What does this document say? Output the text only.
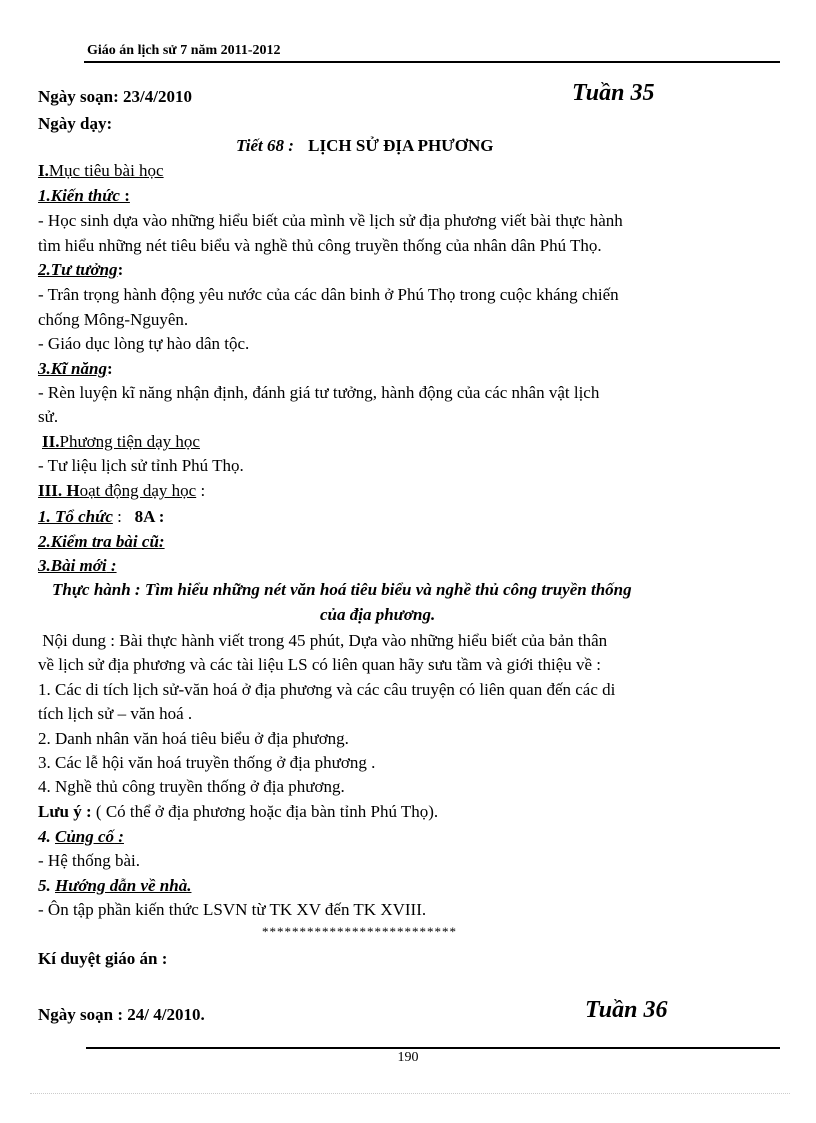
Giáo án lịch sử 7 năm 2011-2012
Ngày soạn: 23/4/2010	Tuần 35
Ngày dạy:
Tiết 68 : LỊCH SỬ ĐỊA PHƯƠNG
I.Mục tiêu bài học
1.Kiến thức :
- Học sinh dựa vào những hiểu biết của mình về lịch sử địa phương viết bài thực hành
tìm hiểu những nét tiêu biểu và nghề thủ công truyền thống của nhân dân Phú Thọ.
2.Tư tưởng:
- Trân trọng hành động yêu nước của các dân binh ở Phú Thọ trong cuộc kháng chiến
chống Mông-Nguyên.
- Giáo dục lòng tự hào dân tộc.
3.Kĩ năng:
- Rèn luyện kĩ năng nhận định, đánh giá tư tưởng, hành động của các nhân vật lịch
sử.
II.Phương tiện dạy học
- Tư liệu lịch sử tỉnh Phú Thọ.
III. Hoạt động dạy học :
1. Tổ chức :   8A :
2.Kiểm tra bài cũ:
3.Bài mới :
Thực hành : Tìm hiểu những nét văn hoá tiêu biểu và nghề thủ công truyền thống
của địa phương.
Nội dung : Bài thực hành viết trong 45 phút, Dựa vào những hiểu biết của bản thân
về lịch sử địa phương và các tài liệu LS có liên quan hãy sưu tầm và giới thiệu về :
1. Các di tích lịch sử-văn hoá ở địa phương và các câu truyện có liên quan đến các di
tích lịch sử – văn hoá .
2. Danh nhân văn hoá tiêu biểu ở địa phương.
3. Các lễ hội văn hoá truyền thống ở địa phương .
4. Nghề thủ công truyền thống ở địa phương.
Lưu ý : ( Có thể ở địa phương hoặc địa bàn tỉnh Phú Thọ).
4. Củng cố :
- Hệ thống bài.
5. Hướng dẫn về nhà.
- Ôn tập phần kiến thức LSVN từ TK XV đến TK XVIII.
**************************
Kí duyệt giáo án :
Ngày soạn : 24/ 4/2010.	Tuần 36
190
